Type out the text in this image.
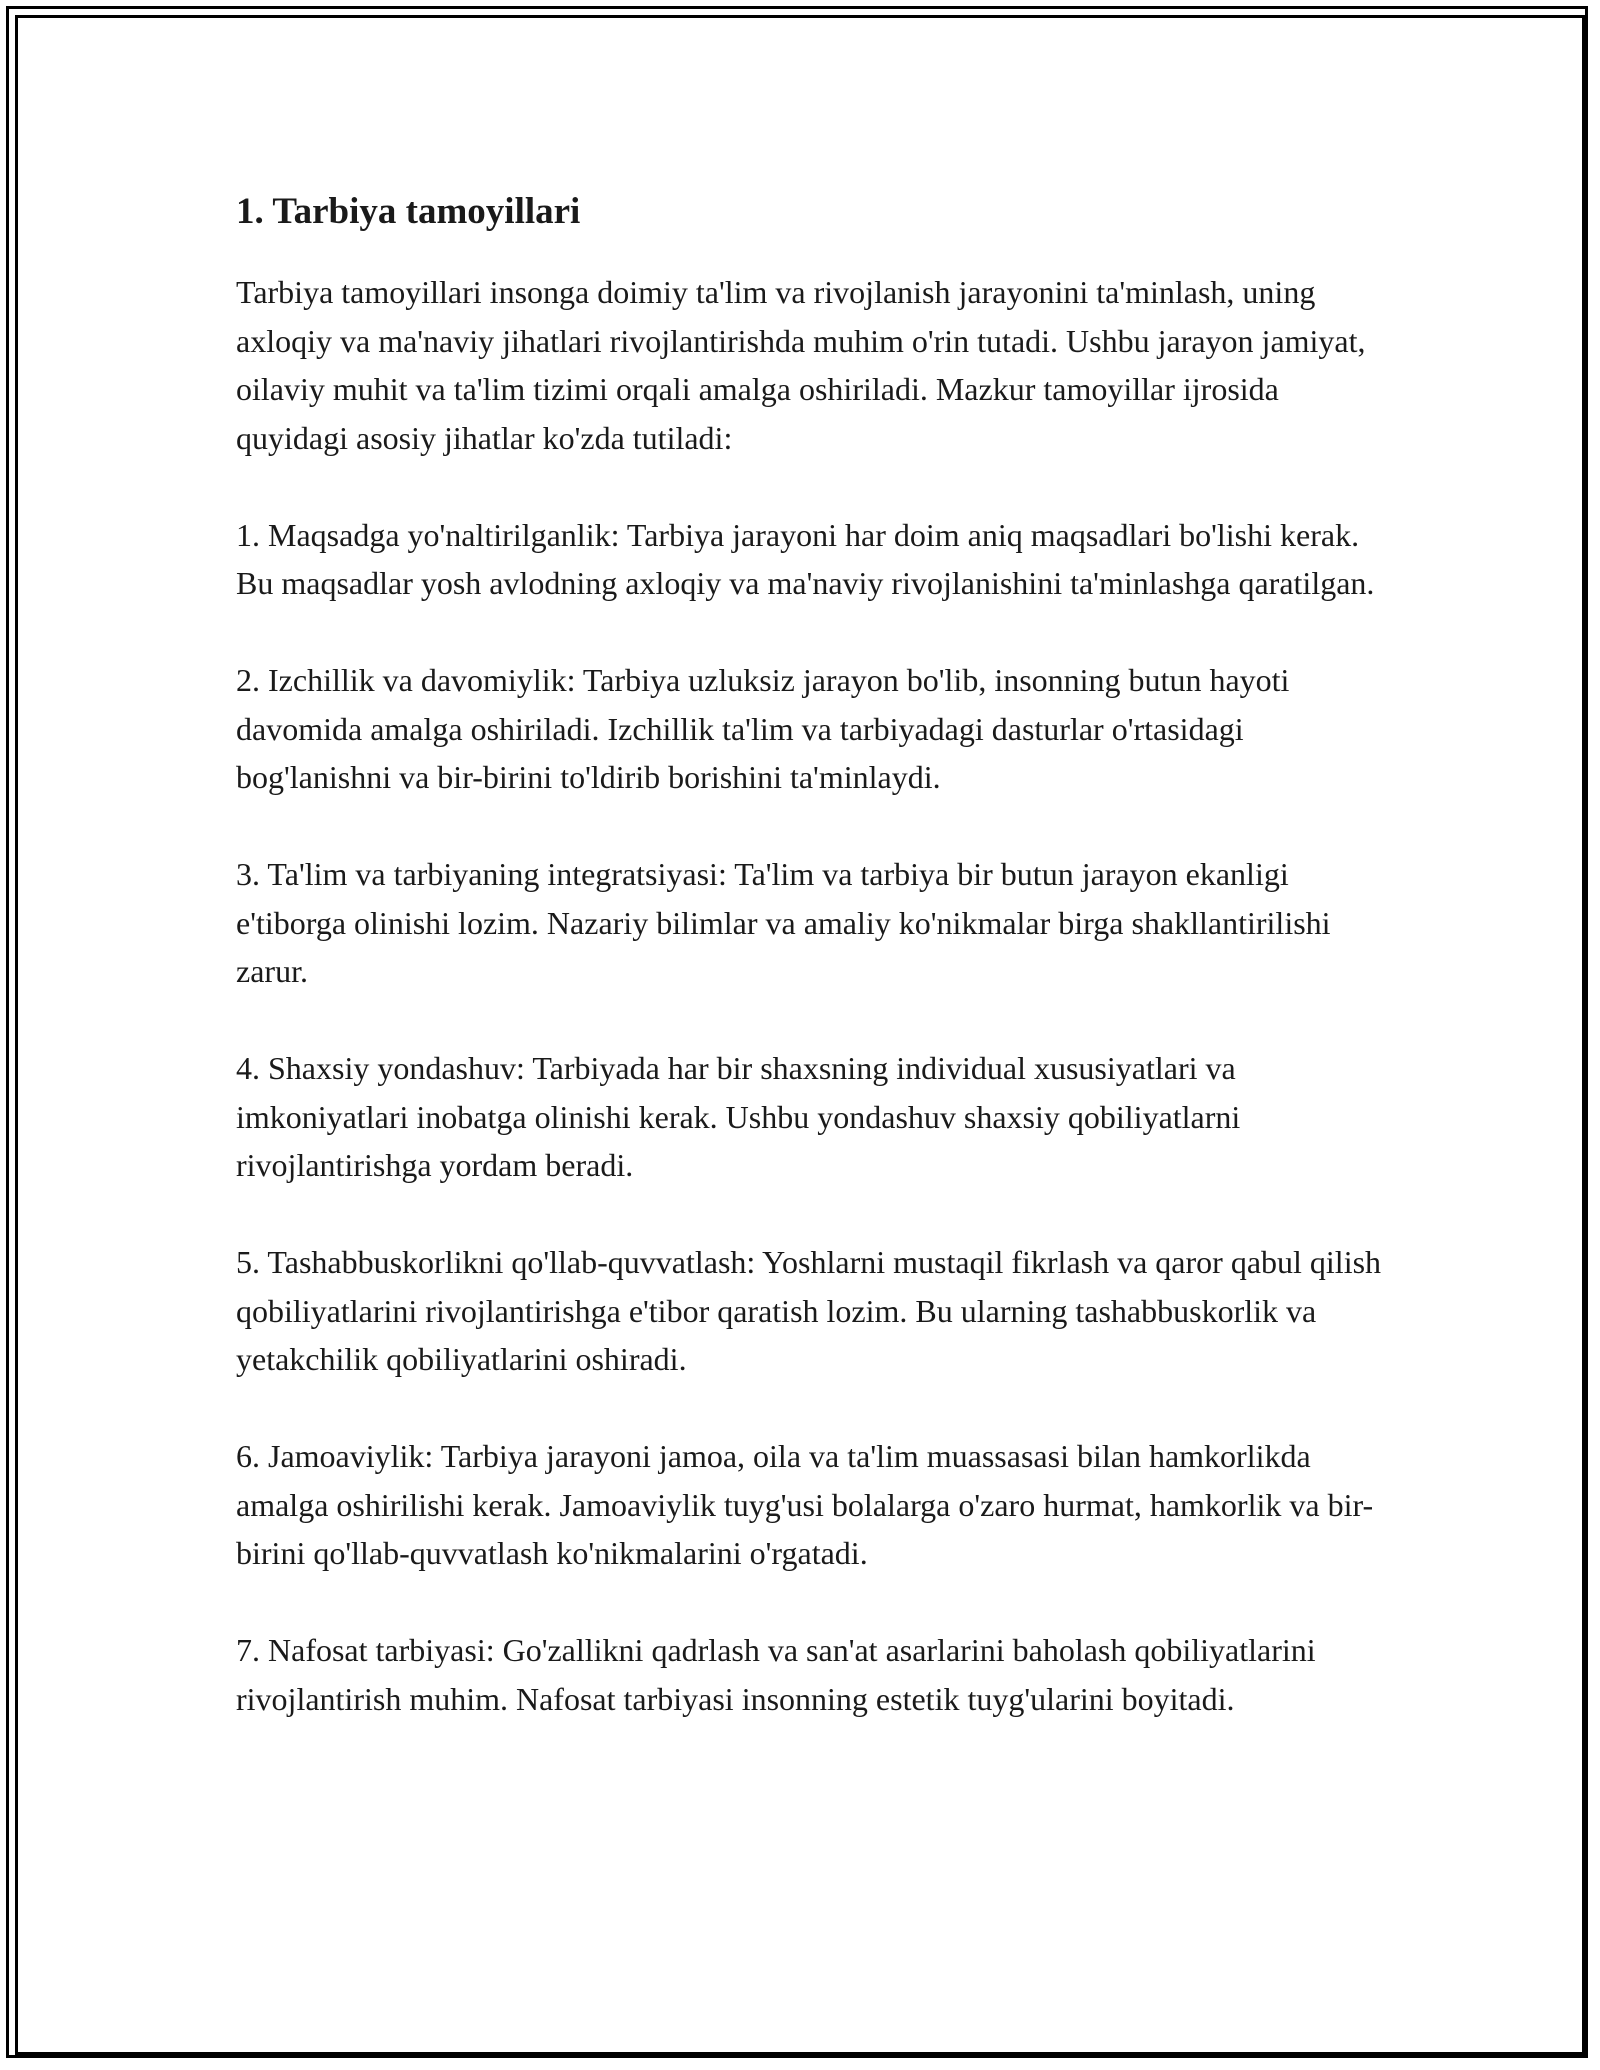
1. Tarbiya tamoyillari

Tarbiya tamoyillari insonga doimiy ta'lim va rivojlanish jarayonini ta'minlash, uning axloqiy va ma'naviy jihatlari rivojlantirishda muhim o'rin tutadi. Ushbu jarayon jamiyat, oilaviy muhit va ta'lim tizimi orqali amalga oshiriladi. Mazkur tamoyillar ijrosida quyidagi asosiy jihatlar ko'zda tutiladi:

1. Maqsadga yo'naltirilganlik: Tarbiya jarayoni har doim aniq maqsadlari bo'lishi kerak. Bu maqsadlar yosh avlodning axloqiy va ma'naviy rivojlanishini ta'minlashga qaratilgan.

2. Izchillik va davomiylik: Tarbiya uzluksiz jarayon bo'lib, insonning butun hayoti davomida amalga oshiriladi. Izchillik ta'lim va tarbiyadagi dasturlar o'rtasidagi bog'lanishni va bir-birini to'ldirib borishini ta'minlaydi.

3. Ta'lim va tarbiyaning integratsiyasi: Ta'lim va tarbiya bir butun jarayon ekanligi e'tiborga olinishi lozim. Nazariy bilimlar va amaliy ko'nikmalar birga shakllantirilishi zarur.

4. Shaxsiy yondashuv: Tarbiyada har bir shaxsning individual xususiyatlari va imkoniyatlari inobatga olinishi kerak. Ushbu yondashuv shaxsiy qobiliyatlarni rivojlantirishga yordam beradi.

5. Tashabbuskorlikni qo'llab-quvvatlash: Yoshlarni mustaqil fikrlash va qaror qabul qilish qobiliyatlarini rivojlantirishga e'tibor qaratish lozim. Bu ularning tashabbuskorlik va yetakchilik qobiliyatlarini oshiradi.

6. Jamoaviylik: Tarbiya jarayoni jamoa, oila va ta'lim muassasasi bilan hamkorlikda amalga oshirilishi kerak. Jamoaviylik tuyg'usi bolalarga o'zaro hurmat, hamkorlik va bir-birini qo'llab-quvvatlash ko'nikmalarini o'rgatadi.

7. Nafosat tarbiyasi: Go'zallikni qadrlash va san'at asarlarini baholash qobiliyatlarini rivojlantirish muhim. Nafosat tarbiyasi insonning estetik tuyg'ularini boyitadi.
